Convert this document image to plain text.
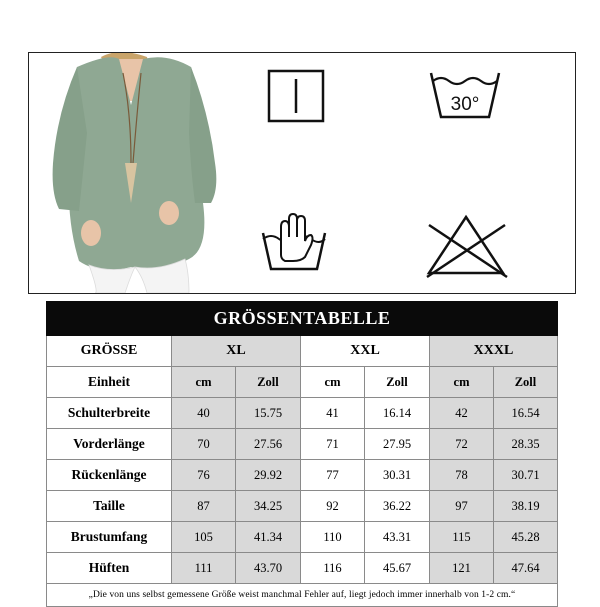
30°
GRÖSSENTABELLE						
GRÖSSE	XL		XXL		XXXL	
Einheit	cm	Zoll	cm	Zoll	cm	Zoll
Schulterbreite	40	15.75	41	16.14	42	16.54
Vorderlänge	70	27.56	71	27.95	72	28.35
Rückenlänge	76	29.92	77	30.31	78	30.71
Taille	87	34.25	92	36.22	97	38.19
Brustumfang	105	41.34	110	43.31	115	45.28
Hüften	111	43.70	116	45.67	121	47.64
„Die von uns selbst gemessene Größe weist manchmal Fehler auf, liegt jedoch immer innerhalb von 1-2 cm.“						
